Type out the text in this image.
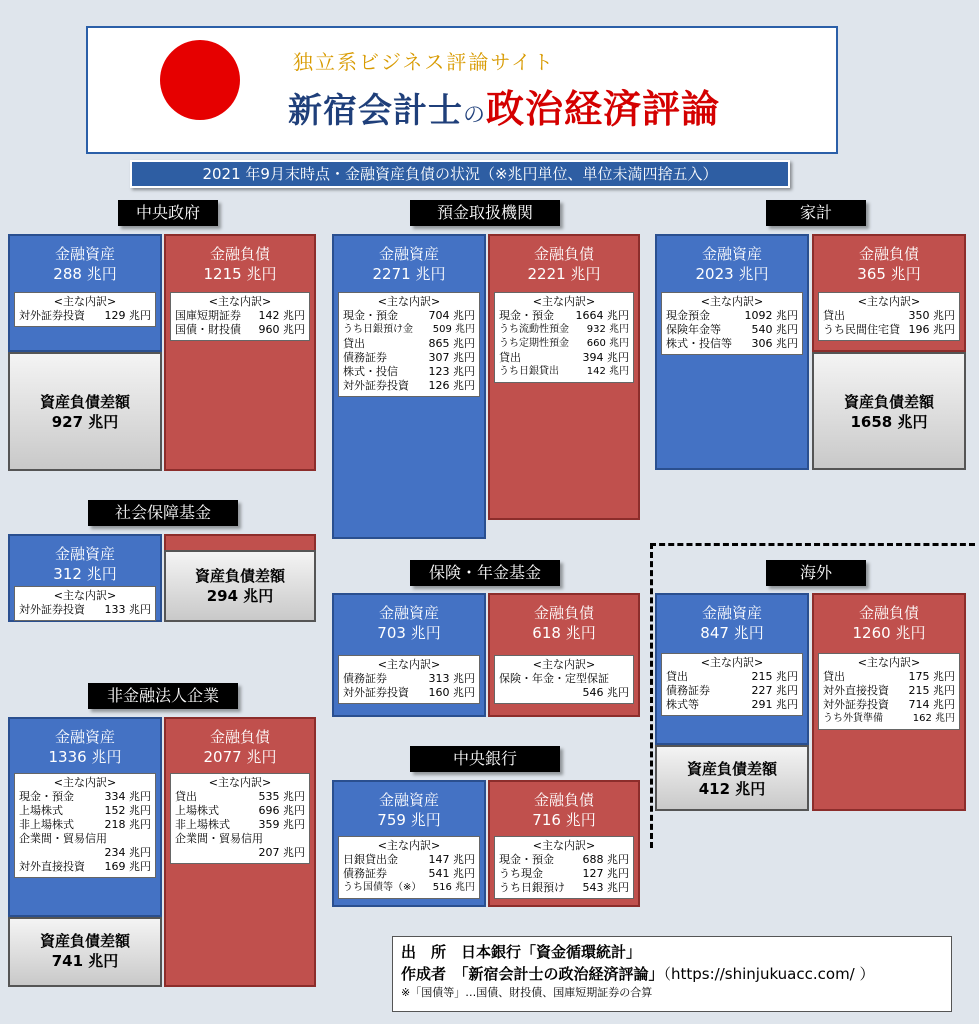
独立系ビジネス評論サイト
新宿会計士の政治経済評論
2021 年9月末時点・金融資産負債の状況（※兆円単位、単位未満四捨五入）
中央政府
金融資産
288 兆円
<主な内訳>
対外証券投資 129 兆円
金融負債
1215 兆円
<主な内訳>
国庫短期証券 142 兆円
国債・財投債 960 兆円
資産負債差額
927 兆円
預金取扱機関
金融資産
2271 兆円
<主な内訳>
現金・預金	704 兆円
うち日銀預け金 509 兆円
貸出	865 兆円
債務証券	307 兆円
株式・投信	123 兆円
対外証券投資 126 兆円
金融負債
2221 兆円
<主な内訳>
現金・預金 1664 兆円
うち流動性預金 932 兆円
うち定期性預金 660 兆円
貸出	394 兆円
うち日銀貸出	142 兆円
家計
金融資産
2023 兆円
<主な内訳>
現金預金	1092 兆円
保険年金等	540 兆円
株式・投信等 306 兆円
金融負債
365 兆円
<主な内訳>
貸出	350 兆円
うち民間住宅貸 196 兆円
資産負債差額
1658 兆円
社会保障基金
金融資産
312 兆円
<主な内訳>
対外証券投資 133 兆円
資産負債差額
294 兆円
保険・年金基金
金融資産
703 兆円
<主な内訳>
債務証券	313 兆円
対外証券投資 160 兆円
金融負債
618 兆円
<主な内訳>
保険・年金・定型保証
546 兆円
海外
金融資産
847 兆円
<主な内訳>
貸出	215 兆円
債務証券	227 兆円
株式等	291 兆円
金融負債
1260 兆円
<主な内訳>
貸出	175 兆円
対外直接投資 215 兆円
対外証券投資 714 兆円
うち外貨準備	162 兆円
資産負債差額
412 兆円
非金融法人企業
金融資産
1336 兆円
<主な内訳>
現金・預金	334 兆円
上場株式	152 兆円
非上場株式	218 兆円
企業間・貿易信用
234 兆円
対外直接投資 169 兆円
金融負債
2077 兆円
<主な内訳>
貸出	535 兆円
上場株式	696 兆円
非上場株式	359 兆円
企業間・貿易信用
207 兆円
資産負債差額
741 兆円
中央銀行
金融資産
759 兆円
<主な内訳>
日銀貸出金	147 兆円
債務証券	541 兆円
うち国債等（※） 516 兆円
金融負債
716 兆円
<主な内訳>
現金・預金	688 兆円
うち現金	127 兆円
うち日銀預け 543 兆円
出　所　日本銀行「資金循環統計」
作成者　「新宿会計士の政治経済評論」（https://shinjukuacc.com/ ）
※「国債等」…国債、財投債、国庫短期証券の合算
